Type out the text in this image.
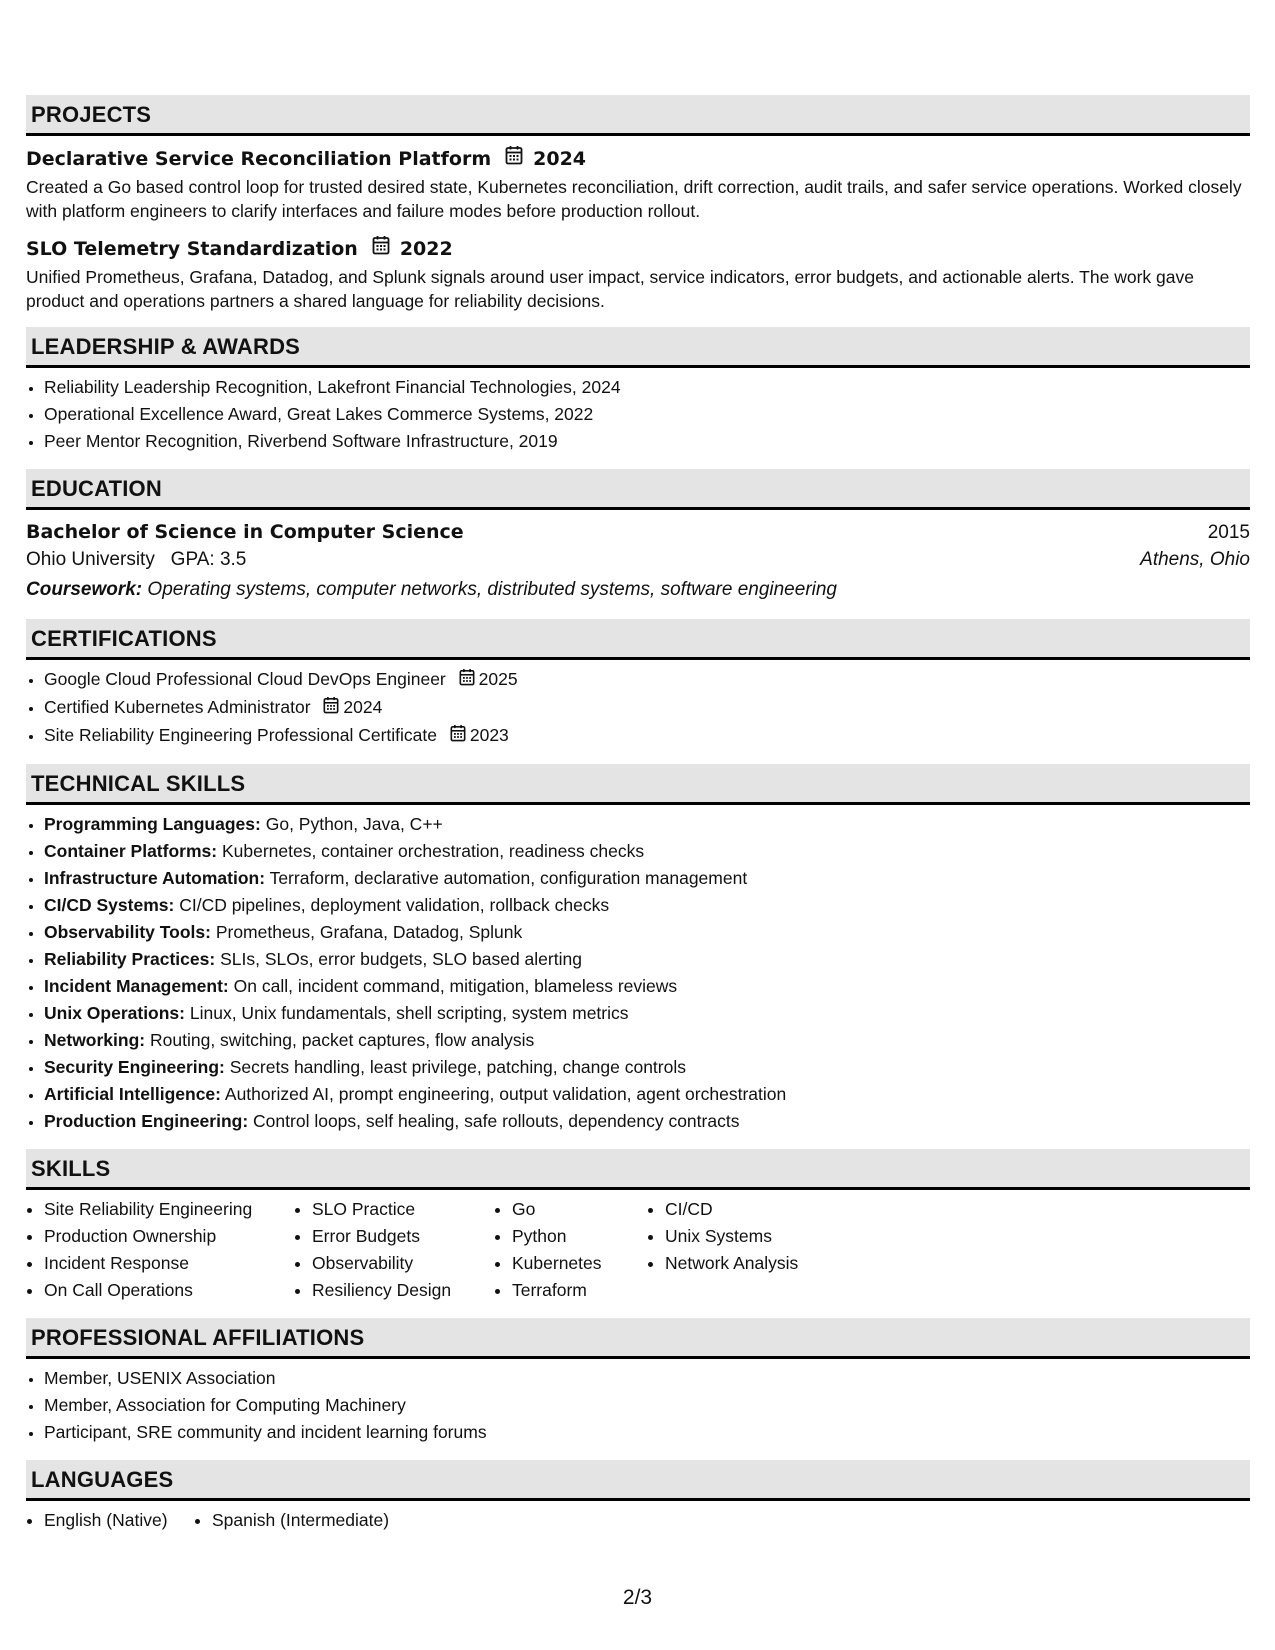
PROJECTS
Declarative Service Reconciliation Platform 2024
Created a Go based control loop for trusted desired state, Kubernetes reconciliation, drift correction, audit trails, and safer service operations. Worked closely with platform engineers to clarify interfaces and failure modes before production rollout.
SLO Telemetry Standardization 2022
Unified Prometheus, Grafana, Datadog, and Splunk signals around user impact, service indicators, error budgets, and actionable alerts. The work gave product and operations partners a shared language for reliability decisions.
LEADERSHIP & AWARDS
• Reliability Leadership Recognition, Lakefront Financial Technologies, 2024
• Operational Excellence Award, Great Lakes Commerce Systems, 2022
• Peer Mentor Recognition, Riverbend Software Infrastructure, 2019
EDUCATION
Bachelor of Science in Computer Science	2015
Ohio University GPA: 3.5	Athens, Ohio
Coursework: Operating systems, computer networks, distributed systems, software engineering
CERTIFICATIONS
• Google Cloud Professional Cloud DevOps Engineer 2025
• Certified Kubernetes Administrator 2024
• Site Reliability Engineering Professional Certificate 2023
TECHNICAL SKILLS
• Programming Languages: Go, Python, Java, C++
• Container Platforms: Kubernetes, container orchestration, readiness checks
• Infrastructure Automation: Terraform, declarative automation, configuration management
• CI/CD Systems: CI/CD pipelines, deployment validation, rollback checks
• Observability Tools: Prometheus, Grafana, Datadog, Splunk
• Reliability Practices: SLIs, SLOs, error budgets, SLO based alerting
• Incident Management: On call, incident command, mitigation, blameless reviews
• Unix Operations: Linux, Unix fundamentals, shell scripting, system metrics
• Networking: Routing, switching, packet captures, flow analysis
• Security Engineering: Secrets handling, least privilege, patching, change controls
• Artificial Intelligence: Authorized AI, prompt engineering, output validation, agent orchestration
• Production Engineering: Control loops, self healing, safe rollouts, dependency contracts
SKILLS
• Site Reliability Engineering
• Production Ownership
• Incident Response
• On Call Operations
• SLO Practice
• Error Budgets
• Observability
• Resiliency Design
• Go
• Python
• Kubernetes
• Terraform
• CI/CD
• Unix Systems
• Network Analysis
PROFESSIONAL AFFILIATIONS
• Member, USENIX Association
• Member, Association for Computing Machinery
• Participant, SRE community and incident learning forums
LANGUAGES
• English (Native)
•	Spanish (Intermediate)
2/3
